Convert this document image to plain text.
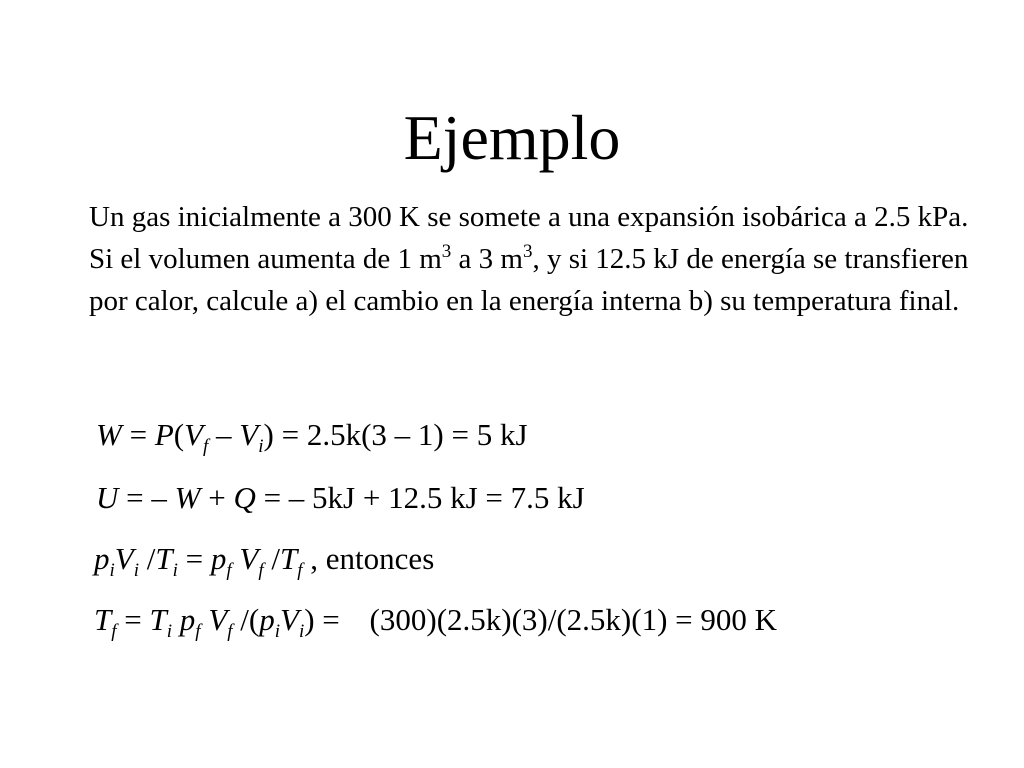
Ejemplo
Un gas inicialmente a 300 K se somete a una expansión isobárica a 2.5 kPa. Si el volumen aumenta de 1 $m^3$ a 3 $m^3$, y si 12.5 kJ de energía se transfieren por calor, calcule a) el cambio en la energía interna b) su temperatura final.
$W = P(V_f - V_i) = 2.5k(3 - 1) = 5$ kJ
U = – W + Q = – 5kJ + 12.5 kJ = 7.5 kJ
$p_iV_i$ $/T_i = p_f$ $V_f$ $/T_f$ , entonces
$T_f = T_i$ $p_f$ $V_f$ $/(p_iV_i) = (300)(2.5k)(3)/(2.5k)(1) = 900$ K
